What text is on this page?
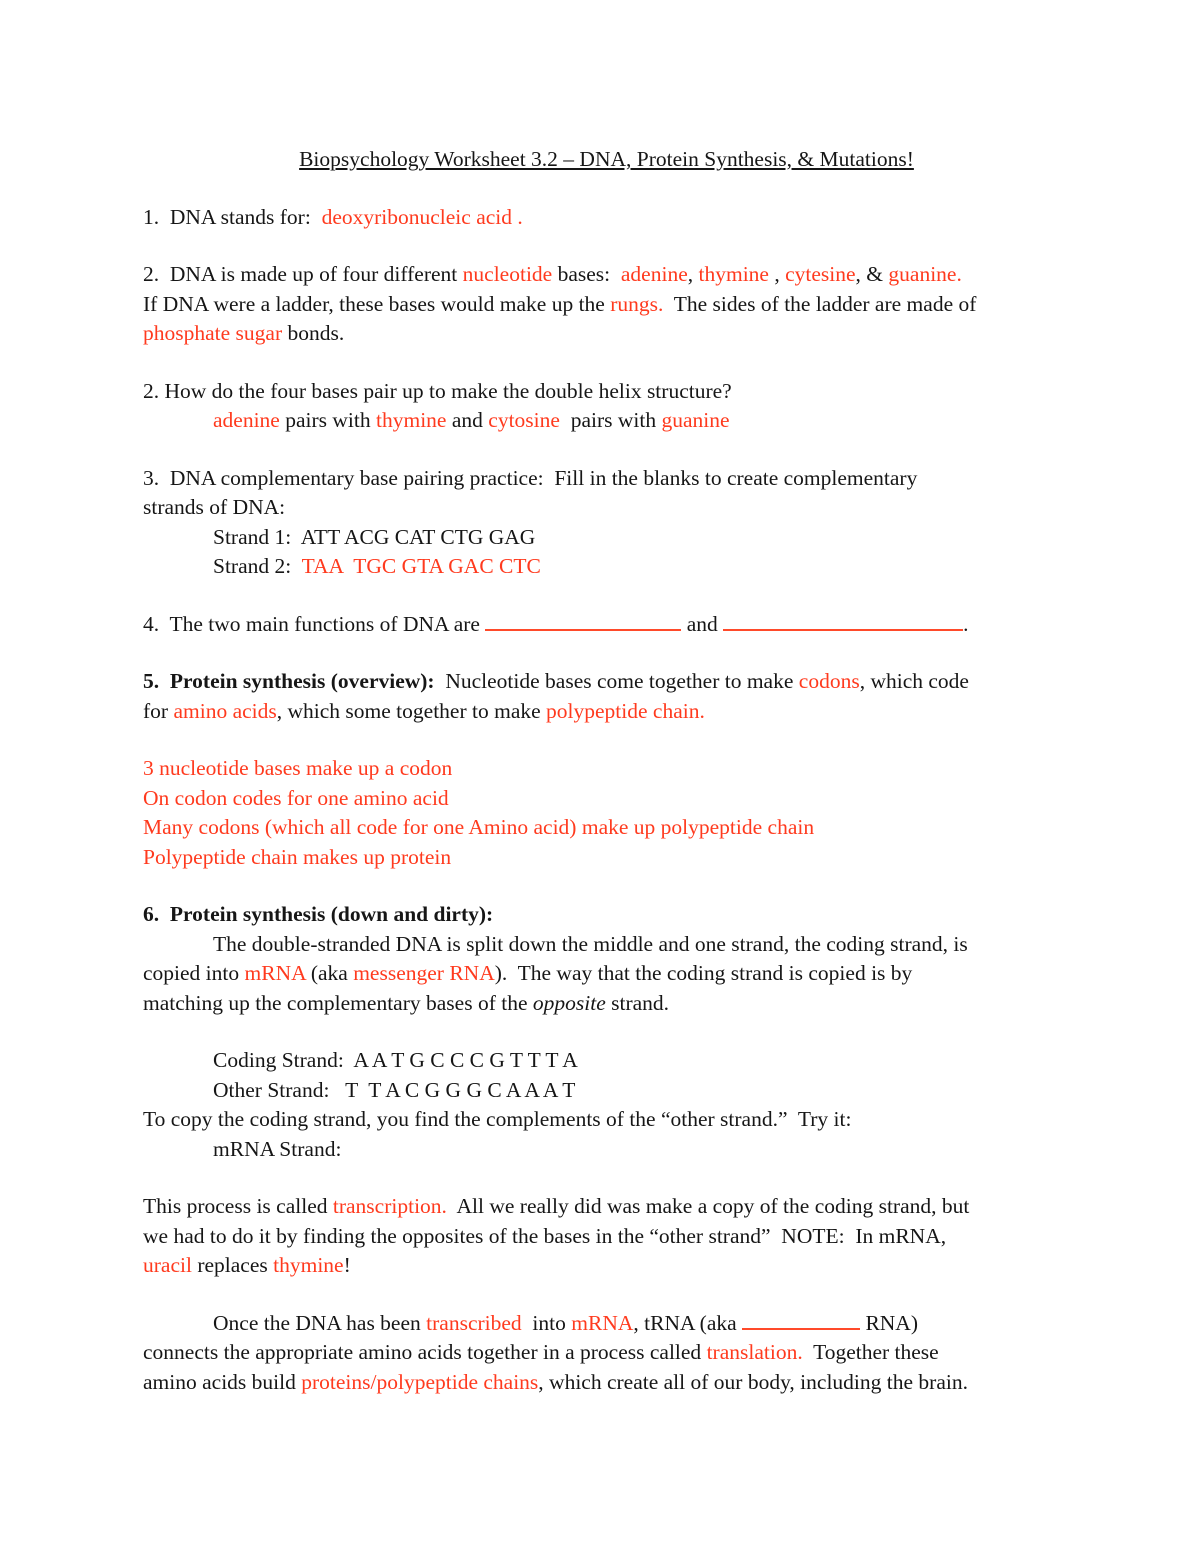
Biopsychology Worksheet 3.2 – DNA, Protein Synthesis, & Mutations!
1.  DNA stands for:  deoxyribonucleic acid .
2.  DNA is made up of four different nucleotide bases:  adenine, thymine , cytesine, & guanine.
If DNA were a ladder, these bases would make up the rungs.  The sides of the ladder are made of
phosphate sugar bonds.
2. How do the four bases pair up to make the double helix structure?
adenine pairs with thymine and cytosine  pairs with guanine
3.  DNA complementary base pairing practice:  Fill in the blanks to create complementary
strands of DNA:
Strand 1:  ATT ACG CAT CTG GAG
Strand 2:  TAA  TGC GTA GAC CTC
4.  The two main functions of DNA are	and	.
5.  Protein synthesis (overview):  Nucleotide bases come together to make codons, which code
for amino acids, which some together to make polypeptide chain.
3 nucleotide bases make up a codon
On codon codes for one amino acid
Many codons (which all code for one Amino acid) make up polypeptide chain
Polypeptide chain makes up protein
6.  Protein synthesis (down and dirty):
The double-stranded DNA is split down the middle and one strand, the coding strand, is
copied into mRNA (aka messenger RNA).  The way that the coding strand is copied is by
matching up the complementary bases of the opposite strand.
Coding Strand:  A A T G C C C G T T T A
Other Strand:   T  T A C G G G C A A A T
To copy the coding strand, you find the complements of the “other strand.”  Try it:
mRNA Strand:
This process is called transcription.  All we really did was make a copy of the coding strand, but
we had to do it by finding the opposites of the bases in the “other strand”  NOTE:  In mRNA,
uracil replaces thymine!
Once the DNA has been transcribed  into mRNA, tRNA (aka	RNA)
connects the appropriate amino acids together in a process called translation.  Together these
amino acids build proteins/polypeptide chains, which create all of our body, including the brain.
